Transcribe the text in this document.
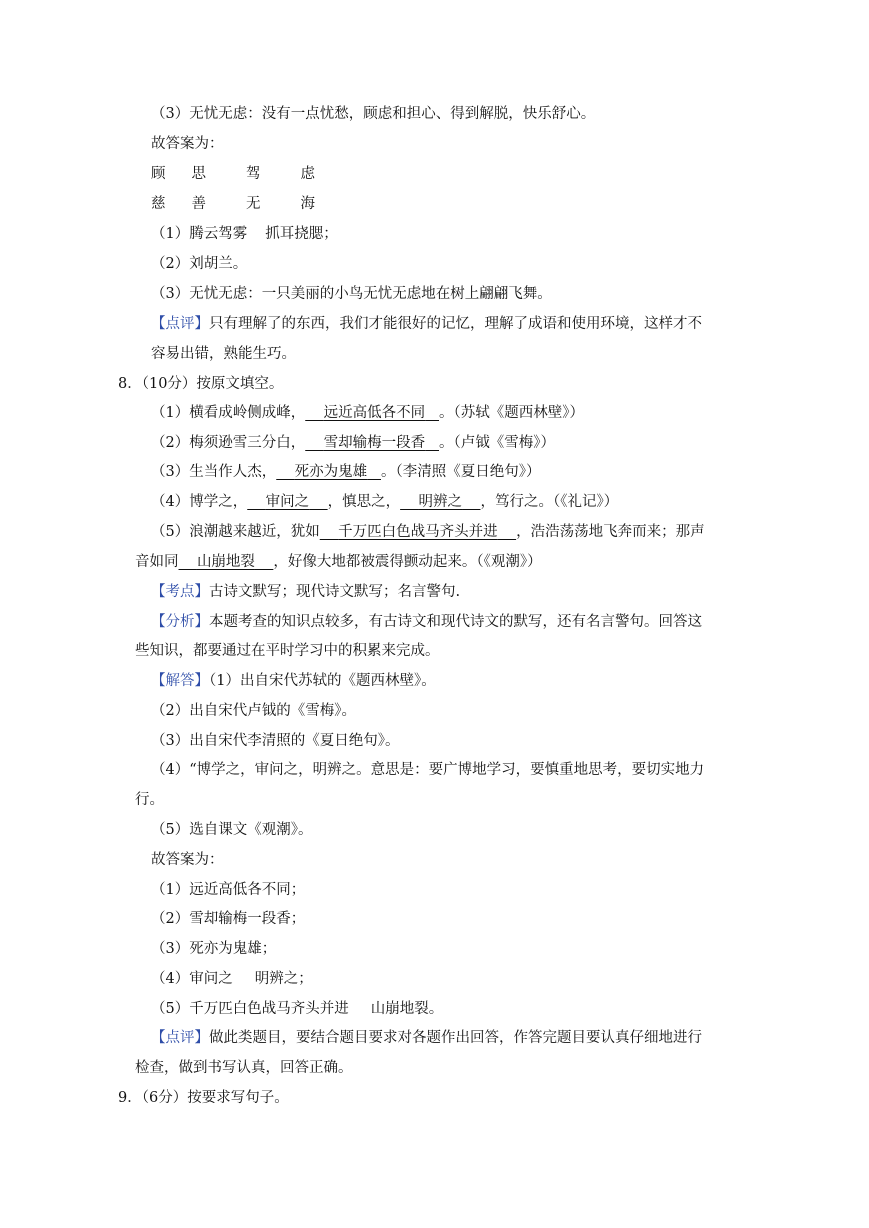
（3）无忧无虑：没有一点忧愁，顾虑和担心、得到解脱，快乐舒心。
故答案为：
顾 思	驾	虑
慈 善	无	海
（1）腾云驾雾 抓耳挠腮；
（2）刘胡兰。
（3）无忧无虑：一只美丽的小鸟无忧无虑地在树上翩翩飞舞。
【点评】只有理解了的东西，我们才能很好的记忆，理解了成语和使用环境，这样才不
容易出错，熟能生巧。
8．（10分）按原文填空。
（1）横看成岭侧成峰， 远近高低各不同 。（苏轼《题西林壁》）
（2）梅须逊雪三分白， 雪却输梅一段香 。（卢钺《雪梅》）
（3）生当作人杰， 死亦为鬼雄 。（李清照《夏日绝句》）
（4）博学之， 审问之 ，慎思之， 明辨之 ，笃行之。（《礼记》）
（5）浪潮越来越近，犹如 千万匹白色战马齐头并进 ，浩浩荡荡地飞奔而来；那声
音如同 山崩地裂 ，好像大地都被震得颤动起来。（《观潮》）
【考点】古诗文默写；现代诗文默写；名言警句.
【分析】本题考查的知识点较多，有古诗文和现代诗文的默写，还有名言警句。回答这
些知识，都要通过在平时学习中的积累来完成。
【解答】（1）出自宋代苏轼的《题西林壁》。
（2）出自宋代卢钺的《雪梅》。
（3）出自宋代李清照的《夏日绝句》。
（4）“博学之，审问之，明辨之。意思是：要广博地学习，要慎重地思考，要切实地力
行。
（5）选自课文《观潮》。
故答案为：
（1）远近高低各不同；
（2）雪却输梅一段香；
（3）死亦为鬼雄；
（4）审问之 明辨之；
（5）千万匹白色战马齐头并进 山崩地裂。
【点评】做此类题目，要结合题目要求对各题作出回答，作答完题目要认真仔细地进行
检查，做到书写认真，回答正确。
9．（6分）按要求写句子。
